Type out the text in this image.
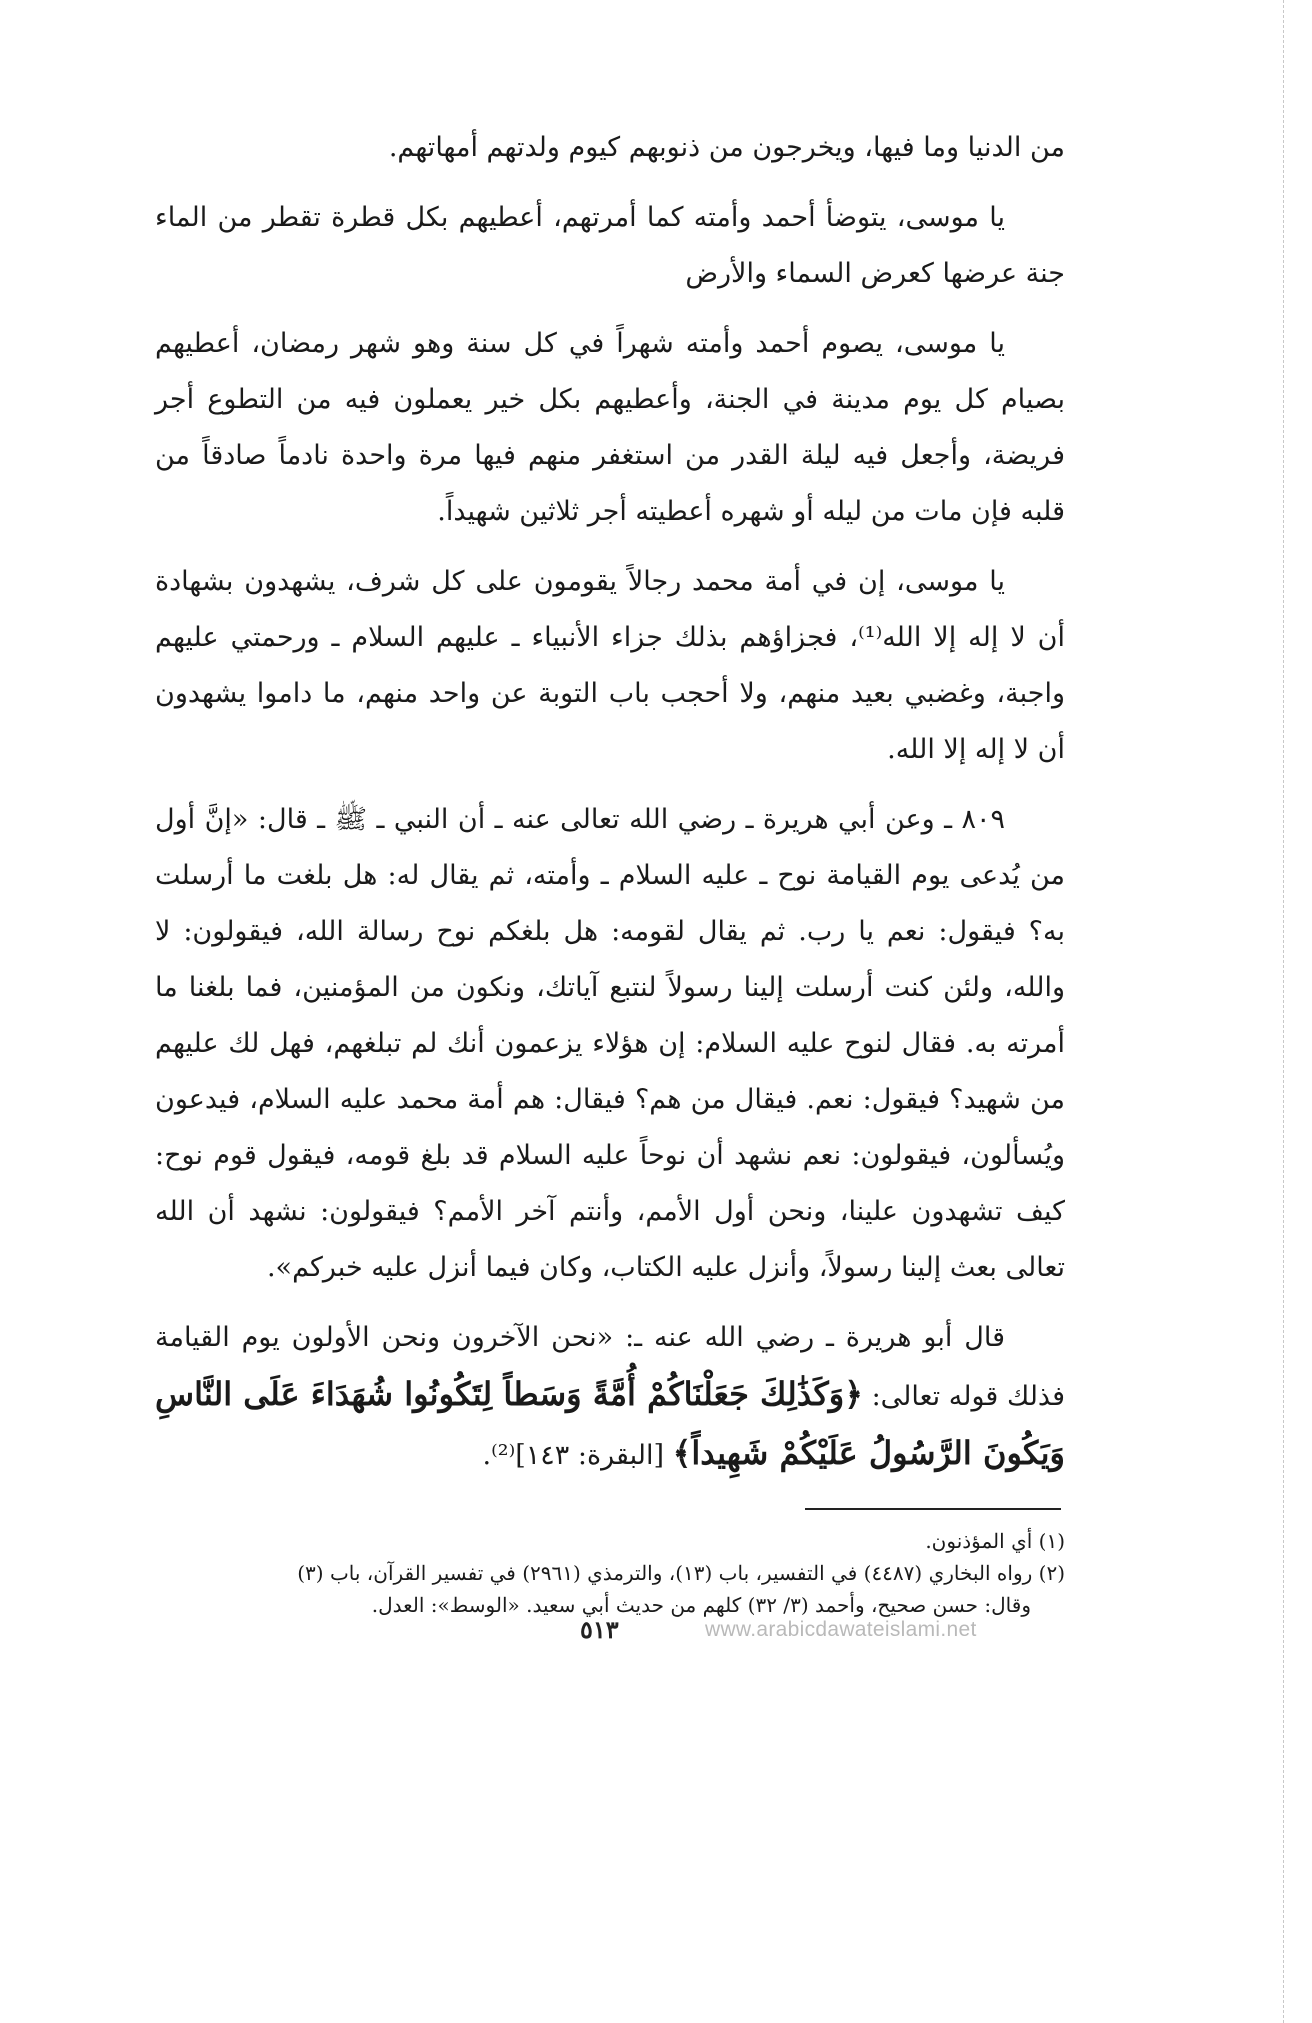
من الدنيا وما فيها، ويخرجون من ذنوبهم كيوم ولدتهم أمهاتهم.

يا موسى، يتوضأ أحمد وأمته كما أمرتهم، أعطيهم بكل قطرة تقطر من الماء جنة عرضها كعرض السماء والأرض

يا موسى، يصوم أحمد وأمته شهراً في كل سنة وهو شهر رمضان، أعطيهم بصيام كل يوم مدينة في الجنة، وأعطيهم بكل خير يعملون فيه من التطوع أجر فريضة، وأجعل فيه ليلة القدر من استغفر منهم فيها مرة واحدة نادماً صادقاً من قلبه فإن مات من ليله أو شهره أعطيته أجر ثلاثين شهيداً.

يا موسى، إن في أمة محمد رجالاً يقومون على كل شرف، يشهدون بشهادة أن لا إله إلا الله⁽¹⁾، فجزاؤهم بذلك جزاء الأنبياء ـ عليهم السلام ـ ورحمتي عليهم واجبة، وغضبي بعيد منهم، ولا أحجب باب التوبة عن واحد منهم، ما داموا يشهدون أن لا إله إلا الله.

٨٠٩ ـ وعن أبي هريرة ـ رضي الله تعالى عنه ـ أن النبي ـ ﷺ ـ قال: «إنَّ أول من يُدعى يوم القيامة نوح ـ عليه السلام ـ وأمته، ثم يقال له: هل بلغت ما أرسلت به؟ فيقول: نعم يا رب. ثم يقال لقومه: هل بلغكم نوح رسالة الله، فيقولون: لا والله، ولئن كنت أرسلت إلينا رسولاً لنتبع آياتك، ونكون من المؤمنين، فما بلغنا ما أمرته به. فقال لنوح عليه السلام: إن هؤلاء يزعمون أنك لم تبلغهم، فهل لك عليهم من شهيد؟ فيقول: نعم. فيقال من هم؟ فيقال: هم أمة محمد عليه السلام، فيدعون ويُسألون، فيقولون: نعم نشهد أن نوحاً عليه السلام قد بلغ قومه، فيقول قوم نوح: كيف تشهدون علينا، ونحن أول الأمم، وأنتم آخر الأمم؟ فيقولون: نشهد أن الله تعالى بعث إلينا رسولاً، وأنزل عليه الكتاب، وكان فيما أنزل عليه خبركم».

قال أبو هريرة ـ رضي الله عنه ـ: «نحن الآخرون ونحن الأولون يوم القيامة فذلك قوله تعالى: ﴿وَكَذَٰلِكَ جَعَلْنَاكُمْ أُمَّةً وَسَطاً لِتَكُونُوا شُهَدَاءَ عَلَى النَّاسِ وَيَكُونَ الرَّسُولُ عَلَيْكُمْ شَهِيداً﴾ [البقرة: ١٤٣]⁽²⁾.

(١) أي المؤذنون.

(٢) رواه البخاري (٤٤٨٧) في التفسير، باب (١٣)، والترمذي (٢٩٦١) في تفسير القرآن، باب (٣)

وقال: حسن صحيح، وأحمد (٣/ ٣٢) كلهم من حديث أبي سعيد. «الوسط»: العدل.

٥١٣	www.arabicdawateislami.net
